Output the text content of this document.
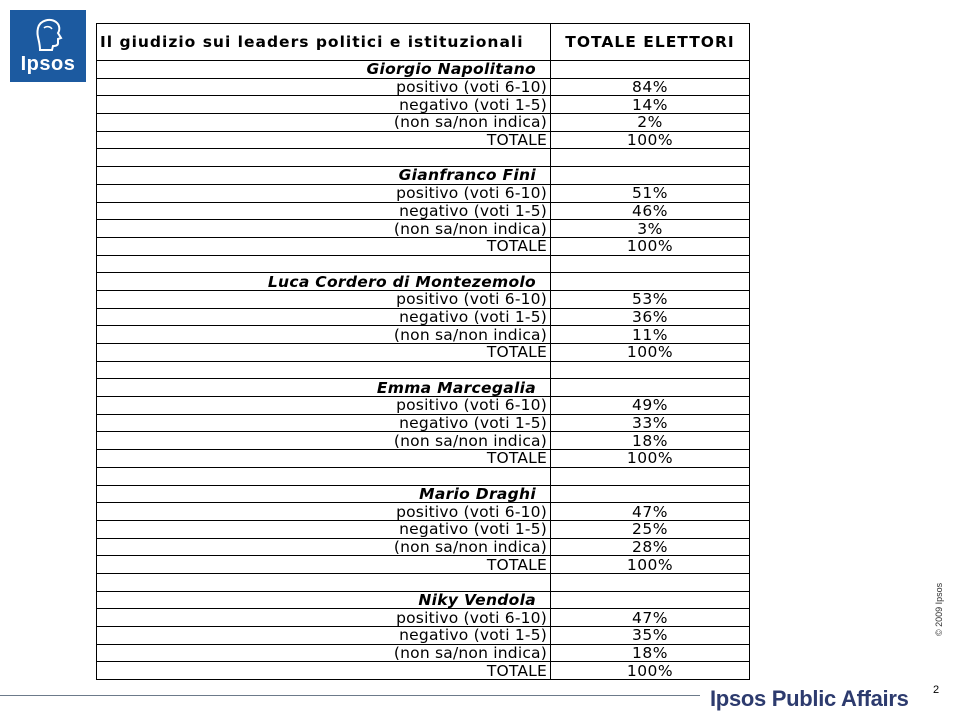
Ipsos
Il giudizio sui leaders politici e istituzionali	TOTALE ELETTORI
Giorgio Napolitano	
positivo (voti 6-10)	84%
negativo (voti 1-5)	14%
(non sa/non indica)	2%
TOTALE	100%

Gianfranco Fini	
positivo (voti 6-10)	51%
negativo (voti 1-5)	46%
(non sa/non indica)	3%
TOTALE	100%

Luca Cordero di Montezemolo	
positivo (voti 6-10)	53%
negativo (voti 1-5)	36%
(non sa/non indica)	11%
TOTALE	100%

Emma Marcegalia	
positivo (voti 6-10)	49%
negativo (voti 1-5)	33%
(non sa/non indica)	18%
TOTALE	100%

Mario Draghi	
positivo (voti 6-10)	47%
negativo (voti 1-5)	25%
(non sa/non indica)	28%
TOTALE	100%

Niky Vendola	
positivo (voti 6-10)	47%
negativo (voti 1-5)	35%
(non sa/non indica)	18%
TOTALE	100%
© 2009 Ipsos
Ipsos Public Affairs 2
